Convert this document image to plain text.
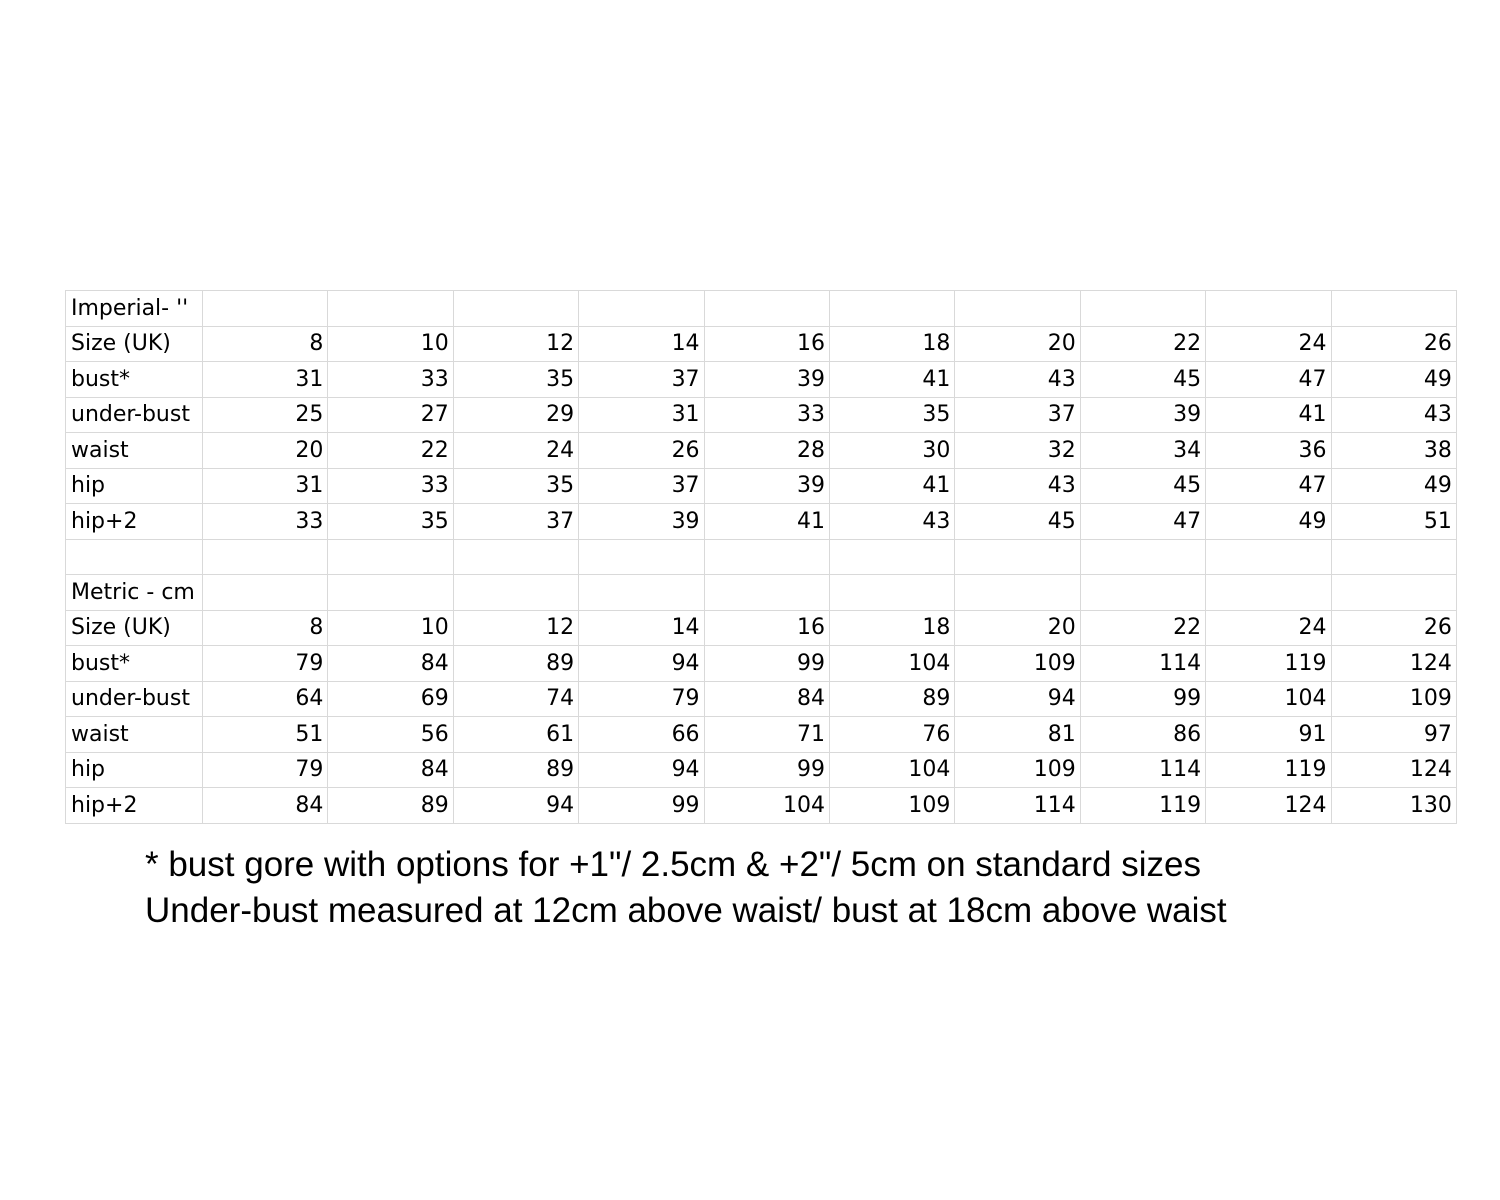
Imperial- ''										
Size (UK)	8	10	12	14	16	18	20	22	24	26
bust*	31	33	35	37	39	41	43	45	47	49
under-bust	25	27	29	31	33	35	37	39	41	43
waist	20	22	24	26	28	30	32	34	36	38
hip	31	33	35	37	39	41	43	45	47	49
hip+2	33	35	37	39	41	43	45	47	49	51

Metric - cm										
Size (UK)	8	10	12	14	16	18	20	22	24	26
bust*	79	84	89	94	99	104	109	114	119	124
under-bust	64	69	74	79	84	89	94	99	104	109
waist	51	56	61	66	71	76	81	86	91	97
hip	79	84	89	94	99	104	109	114	119	124
hip+2	84	89	94	99	104	109	114	119	124	130
* bust gore with options for +1"/ 2.5cm & +2"/ 5cm on standard sizes
Under-bust measured at 12cm above waist/ bust at 18cm above waist
